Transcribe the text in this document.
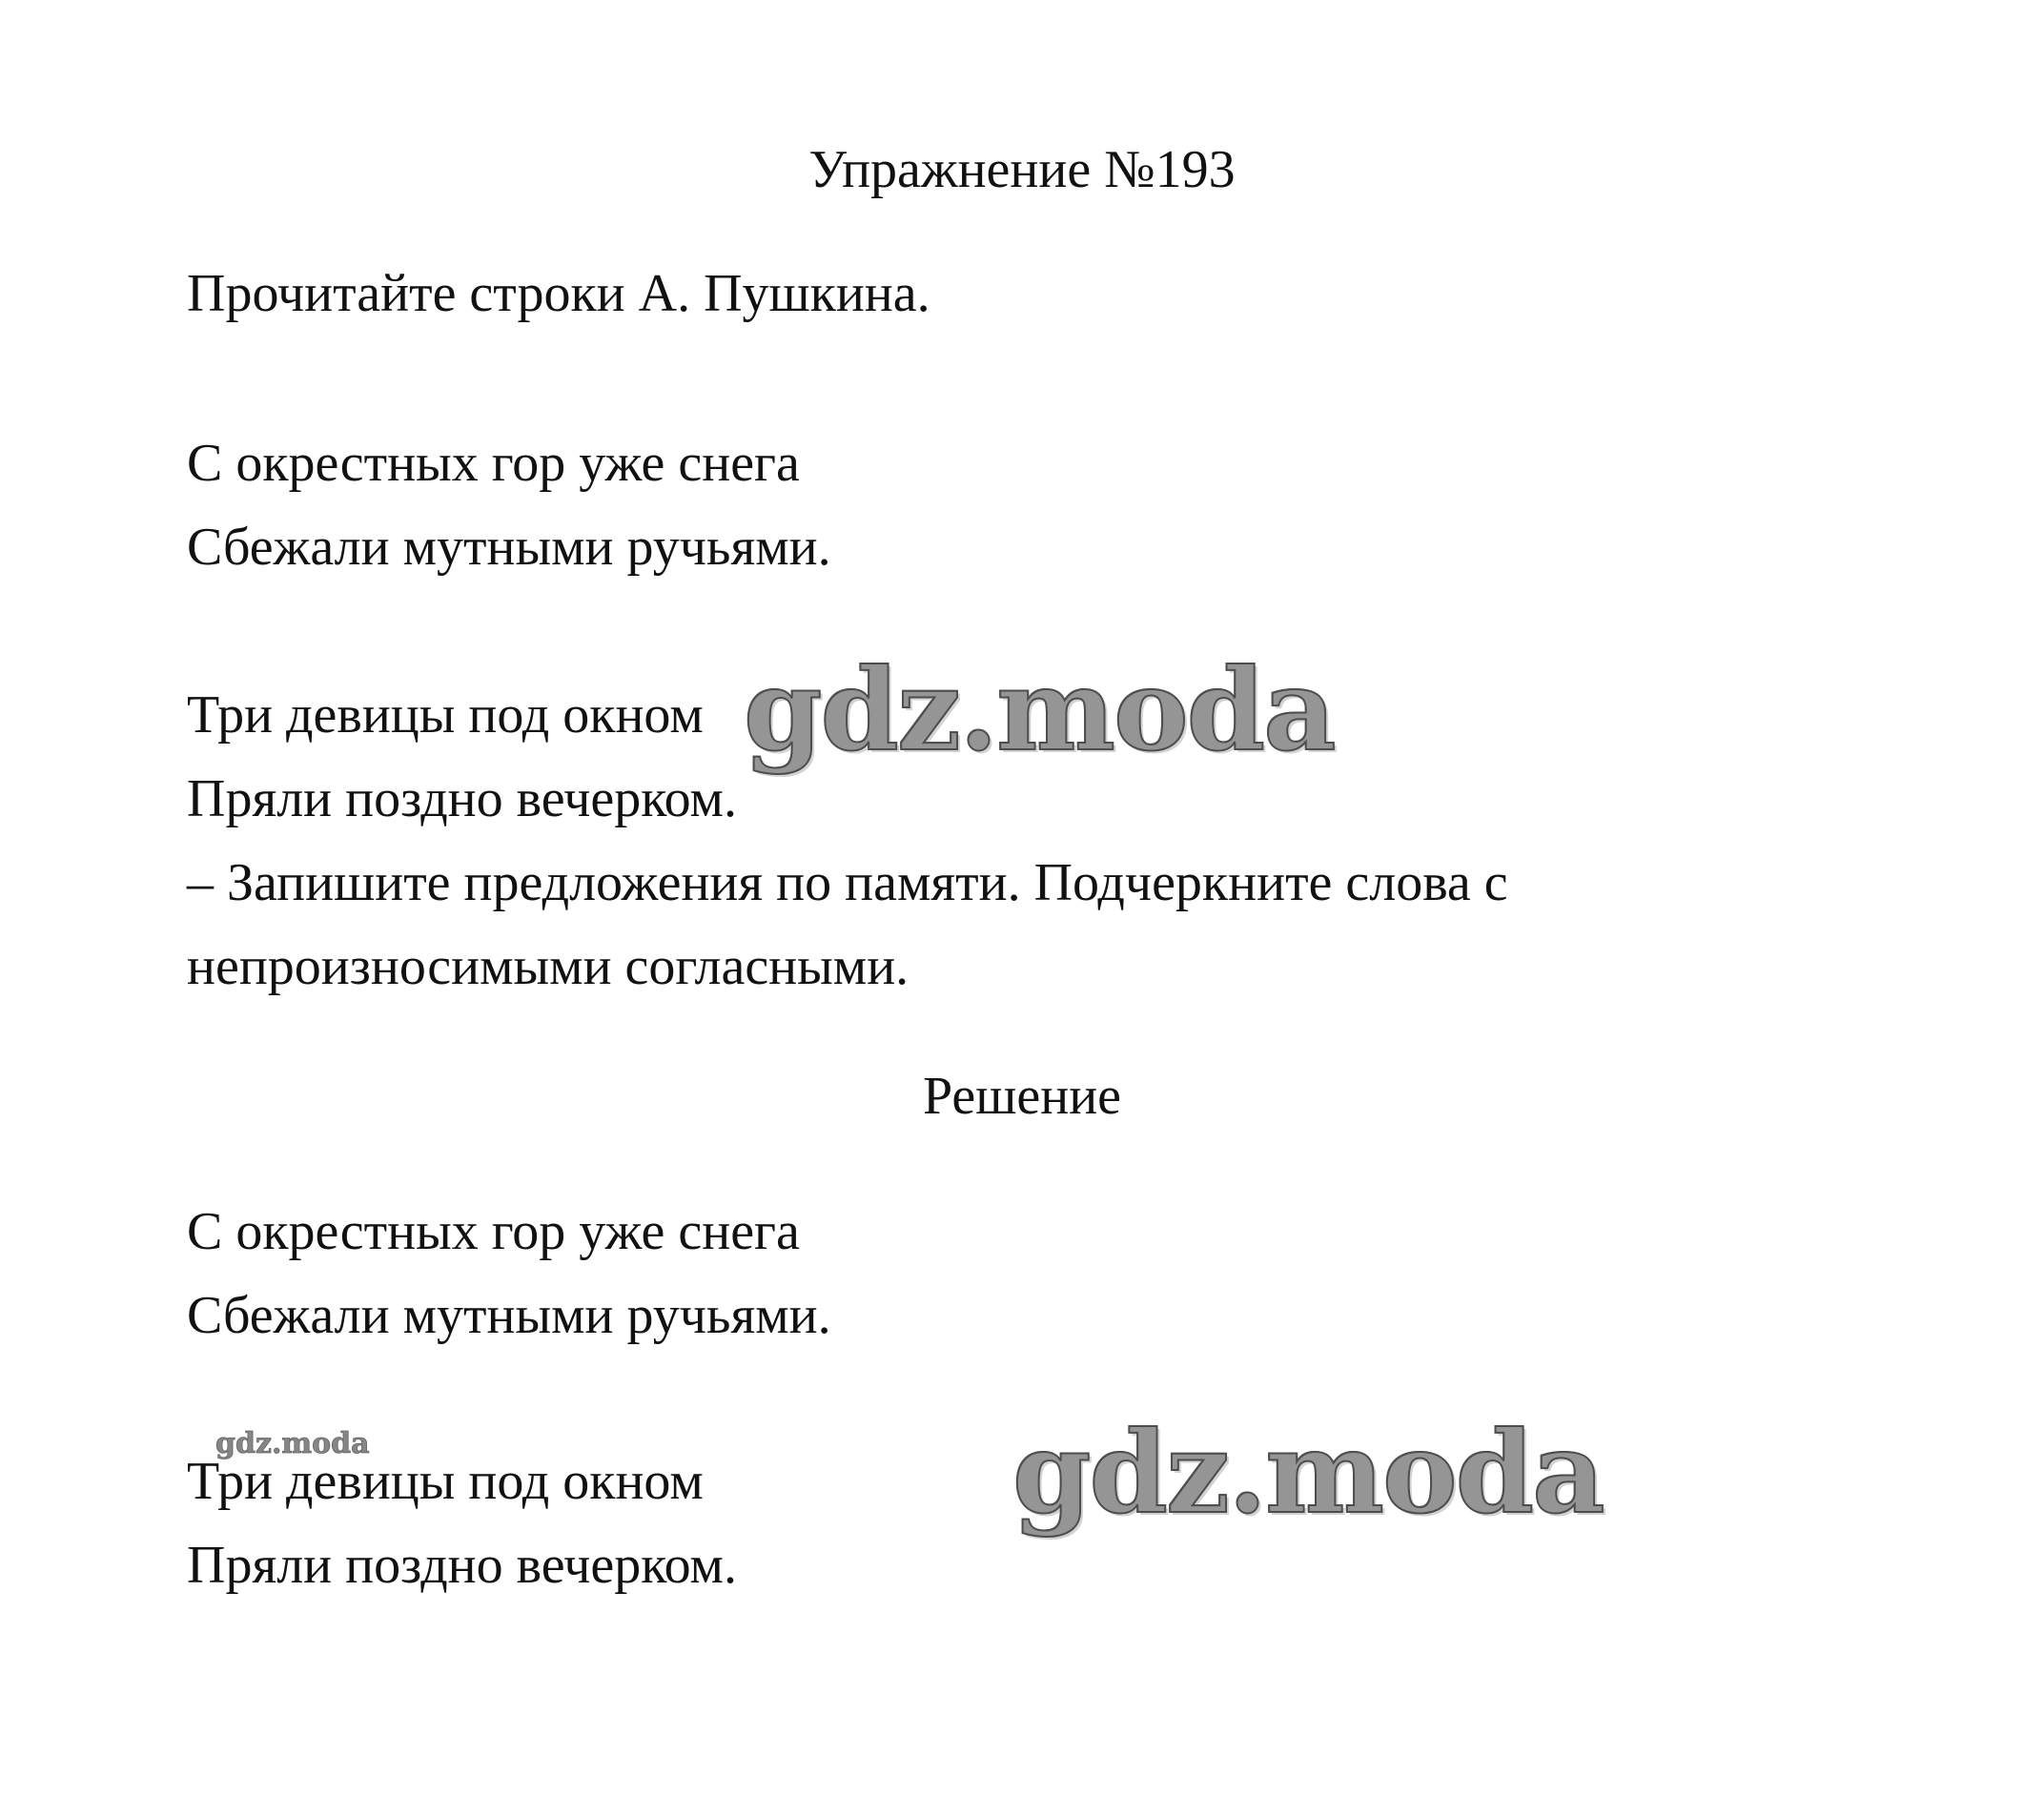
Упражнение №193
Прочитайте строки А. Пушкина.
С окрестных гор уже снега
Сбежали мутными ручьями.
Три девицы под окном
Пряли поздно вечерком.
– Запишите предложения по памяти. Подчеркните слова с
непроизносимыми согласными.
Решение
С окрестных гор уже снега
Сбежали мутными ручьями.
Три девицы под окном
Пряли поздно вечерком.
gdz.moda
gdz.moda	gdz.moda
